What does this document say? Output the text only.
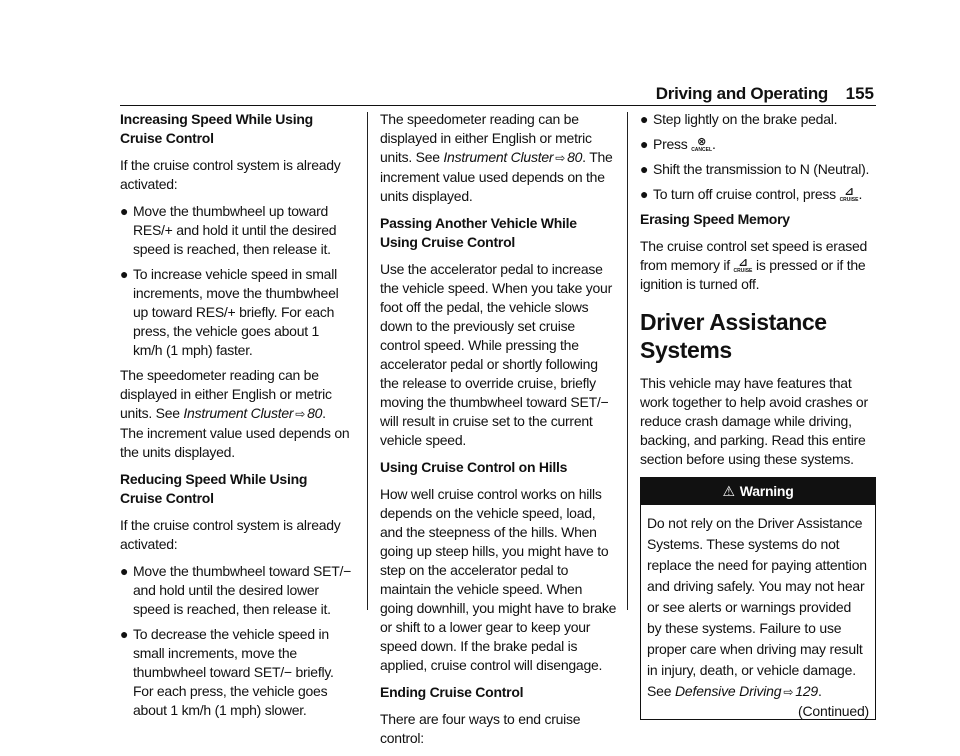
Driving and Operating 155

Increasing Speed While Using Cruise Control

If the cruise control system is already activated:

● Move the thumbwheel up toward RES/+ and hold it until the desired speed is reached, then release it.
● To increase vehicle speed in small increments, move the thumbwheel up toward RES/+ briefly. For each press, the vehicle goes about 1 km/h (1 mph) faster.

The speedometer reading can be displayed in either English or metric units. See Instrument Cluster ⇨ 80. The increment value used depends on the units displayed.

Reducing Speed While Using Cruise Control

If the cruise control system is already activated:

● Move the thumbwheel toward SET/− and hold until the desired lower speed is reached, then release it.
● To decrease the vehicle speed in small increments, move the thumbwheel toward SET/− briefly. For each press, the vehicle goes about 1 km/h (1 mph) slower.

The speedometer reading can be displayed in either English or metric units. See Instrument Cluster ⇨ 80. The increment value used depends on the units displayed.

Passing Another Vehicle While Using Cruise Control

Use the accelerator pedal to increase the vehicle speed. When you take your foot off the pedal, the vehicle slows down to the previously set cruise control speed. While pressing the accelerator pedal or shortly following the release to override cruise, briefly moving the thumbwheel toward SET/− will result in cruise set to the current vehicle speed.

Using Cruise Control on Hills

How well cruise control works on hills depends on the vehicle speed, load, and the steepness of the hills. When going up steep hills, you might have to step on the accelerator pedal to maintain the vehicle speed. When going downhill, you might have to brake or shift to a lower gear to keep your speed down. If the brake pedal is applied, cruise control will disengage.

Ending Cruise Control

There are four ways to end cruise control:

● Step lightly on the brake pedal.
● Press ⊗
CANCEL .
● Shift the transmission to N (Neutral).
● To turn off cruise control, press ⊿
CRUISE .

Erasing Speed Memory

The cruise control set speed is erased from memory if ⊿
CRUISE is pressed or if the ignition is turned off.

Driver Assistance Systems

This vehicle may have features that work together to help avoid crashes or reduce crash damage while driving, backing, and parking. Read this entire section before using these systems.

⚠ Warning
Do not rely on the Driver Assistance Systems. These systems do not replace the need for paying attention and driving safely. You may not hear or see alerts or warnings provided by these systems. Failure to use proper care when driving may result in injury, death, or vehicle damage. See Defensive Driving ⇨ 129.
(Continued)
